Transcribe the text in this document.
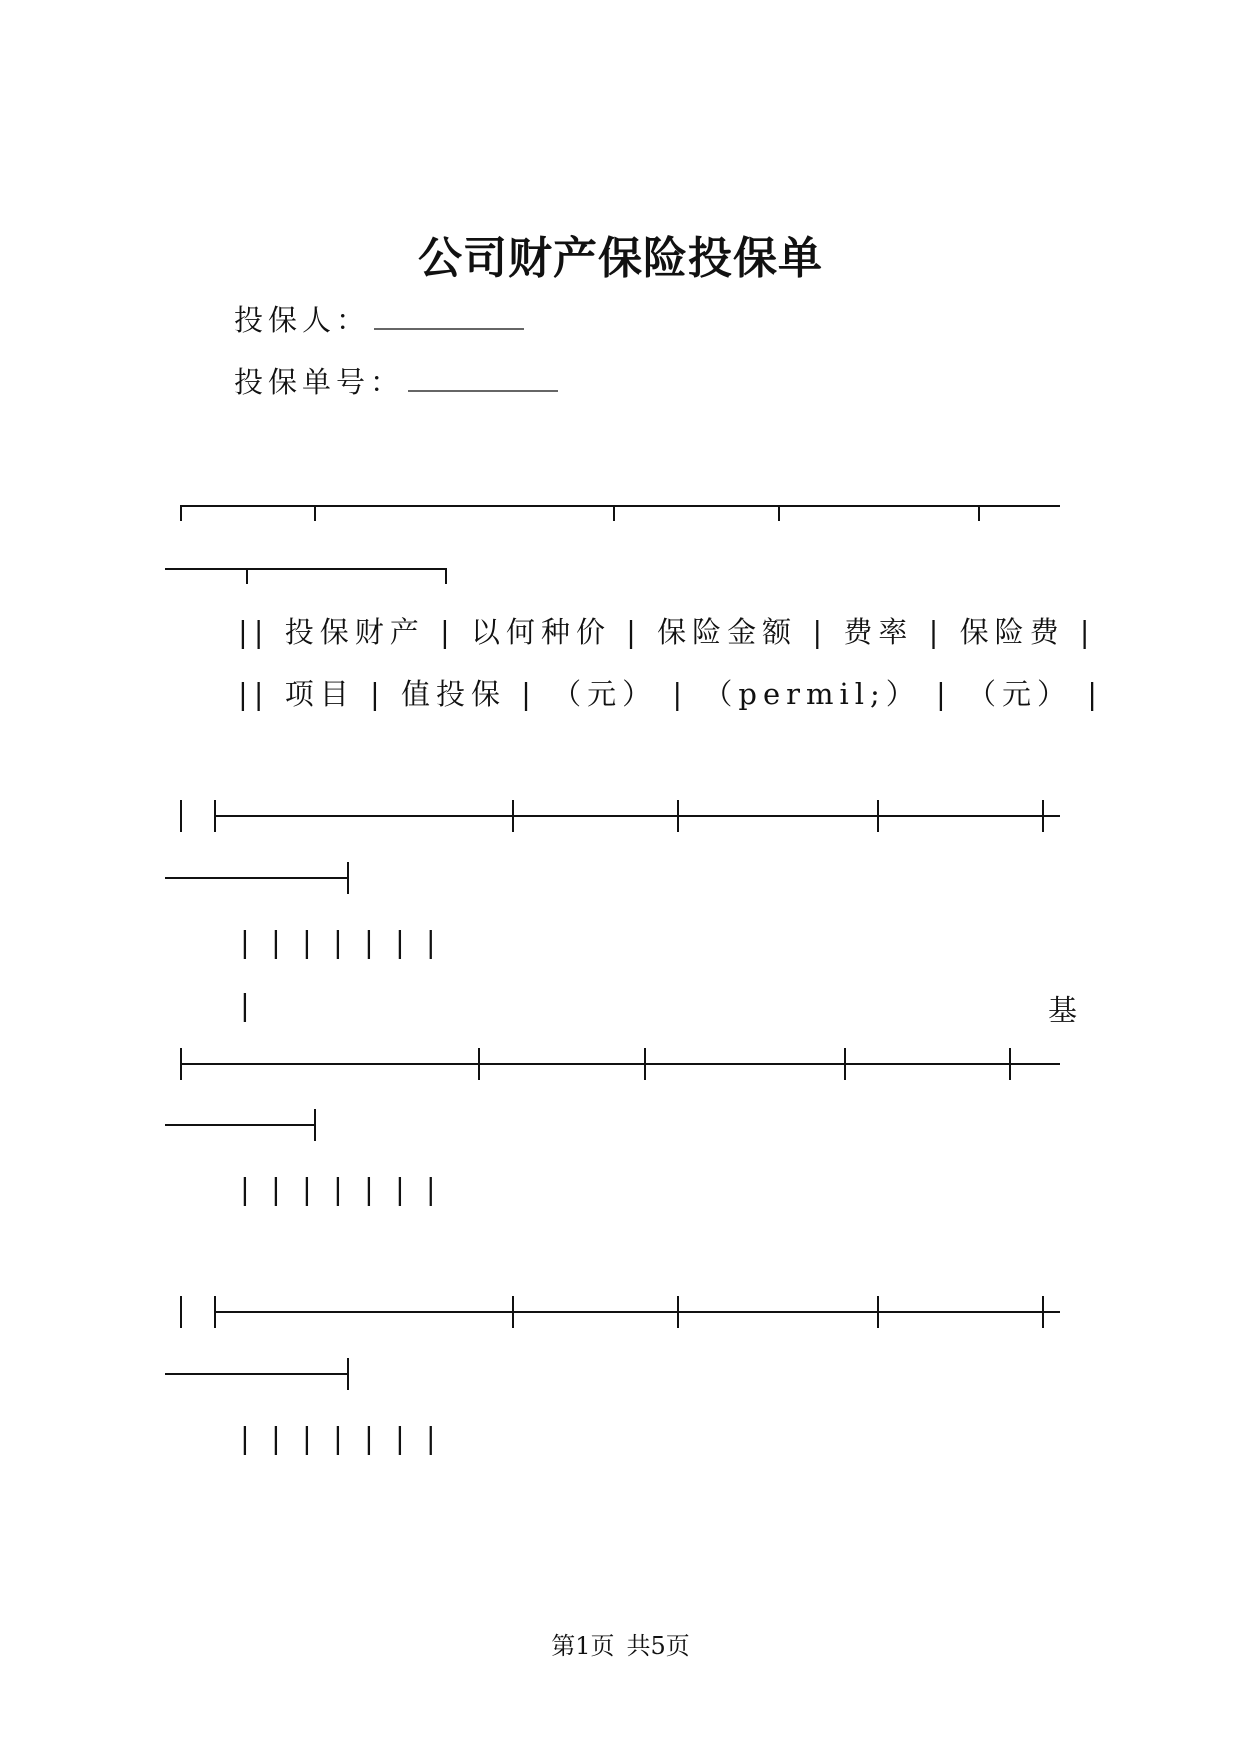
公司财产保险投保单
投保人：
投保单号：
|| 投保财产 | 以何种价 | 保险金额 | 费率 | 保险费 |
|| 项目 | 值投保 | （元） | （permil;） | （元） |
| | | | | | |
|	基
| | | | | | |
| | | | | | |
第1页 共5页
